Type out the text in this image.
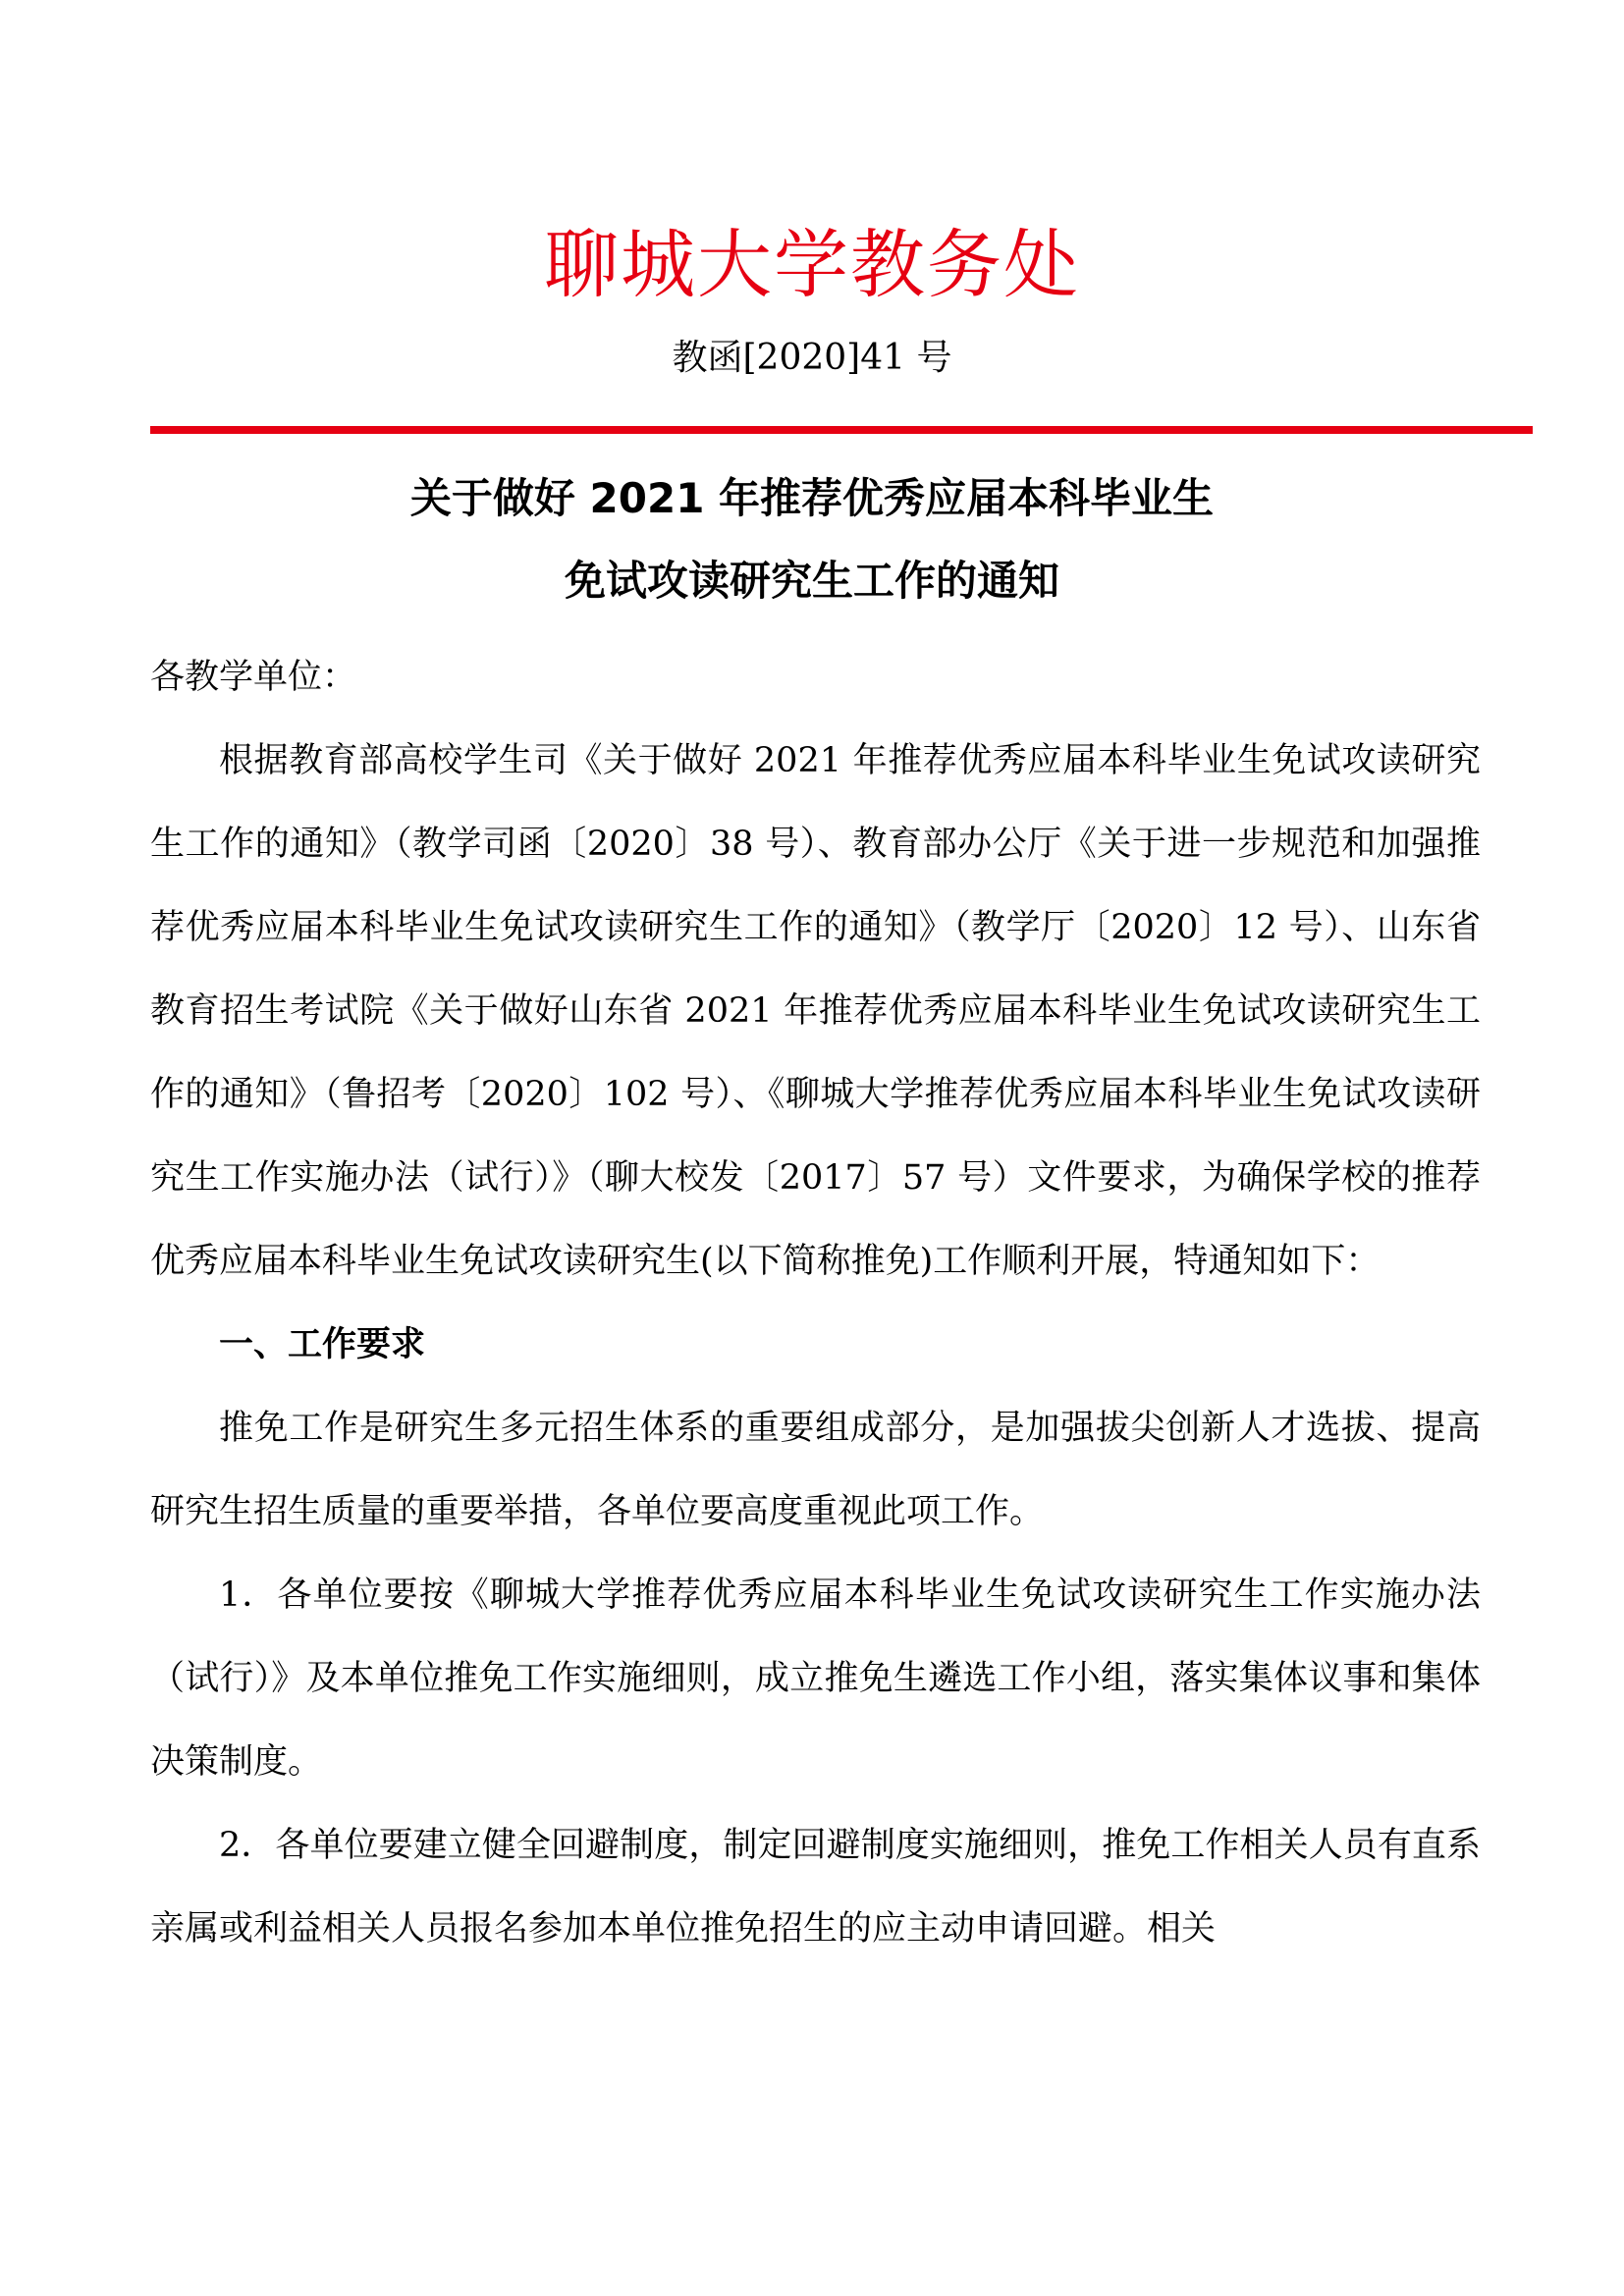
聊城大学教务处
教函[2020]41 号
关于做好 2021 年推荐优秀应届本科毕业生
免试攻读研究生工作的通知

各教学单位：

根据教育部高校学生司《关于做好 2021 年推荐优秀应届本科毕业生免试攻读研究生工作的通知》（教学司函〔2020〕38 号）、教育部办公厅《关于进一步规范和加强推荐优秀应届本科毕业生免试攻读研究生工作的通知》（教学厅〔2020〕12 号）、山东省教育招生考试院《关于做好山东省 2021 年推荐优秀应届本科毕业生免试攻读研究生工作的通知》（鲁招考〔2020〕102 号）、《聊城大学推荐优秀应届本科毕业生免试攻读研究生工作实施办法（试行）》（聊大校发〔2017〕57 号）文件要求，为确保学校的推荐优秀应届本科毕业生免试攻读研究生(以下简称推免)工作顺利开展，特通知如下：

一、工作要求

推免工作是研究生多元招生体系的重要组成部分，是加强拔尖创新人才选拔、提高研究生招生质量的重要举措，各单位要高度重视此项工作。

1．各单位要按《聊城大学推荐优秀应届本科毕业生免试攻读研究生工作实施办法（试行）》及本单位推免工作实施细则，成立推免生遴选工作小组，落实集体议事和集体决策制度。

2．各单位要建立健全回避制度，制定回避制度实施细则，推免工作相关人员有直系亲属或利益相关人员报名参加本单位推免招生的应主动申请回避。相关
